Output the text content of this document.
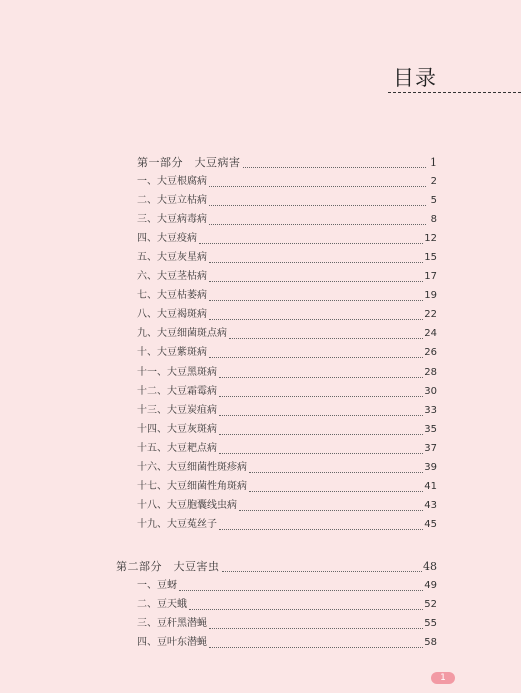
目录
第一部分　大豆病害	1
一、大豆根腐病	2
二、大豆立枯病	5
三、大豆病毒病	8
四、大豆疫病	12
五、大豆灰星病	15
六、大豆茎枯病	17
七、大豆枯萎病	19
八、大豆褐斑病	22
九、大豆细菌斑点病	24
十、大豆紫斑病	26
十一、大豆黑斑病	28
十二、大豆霜霉病	30
十三、大豆炭疽病	33
十四、大豆灰斑病	35
十五、大豆耙点病	37
十六、大豆细菌性斑疹病	39
十七、大豆细菌性角斑病	41
十八、大豆胞囊线虫病	43
十九、大豆菟丝子	45
第二部分　大豆害虫	48
一、豆蚜	49
二、豆天蛾	52
三、豆秆黑潜蝇	55
四、豆叶东潜蝇	58
1
